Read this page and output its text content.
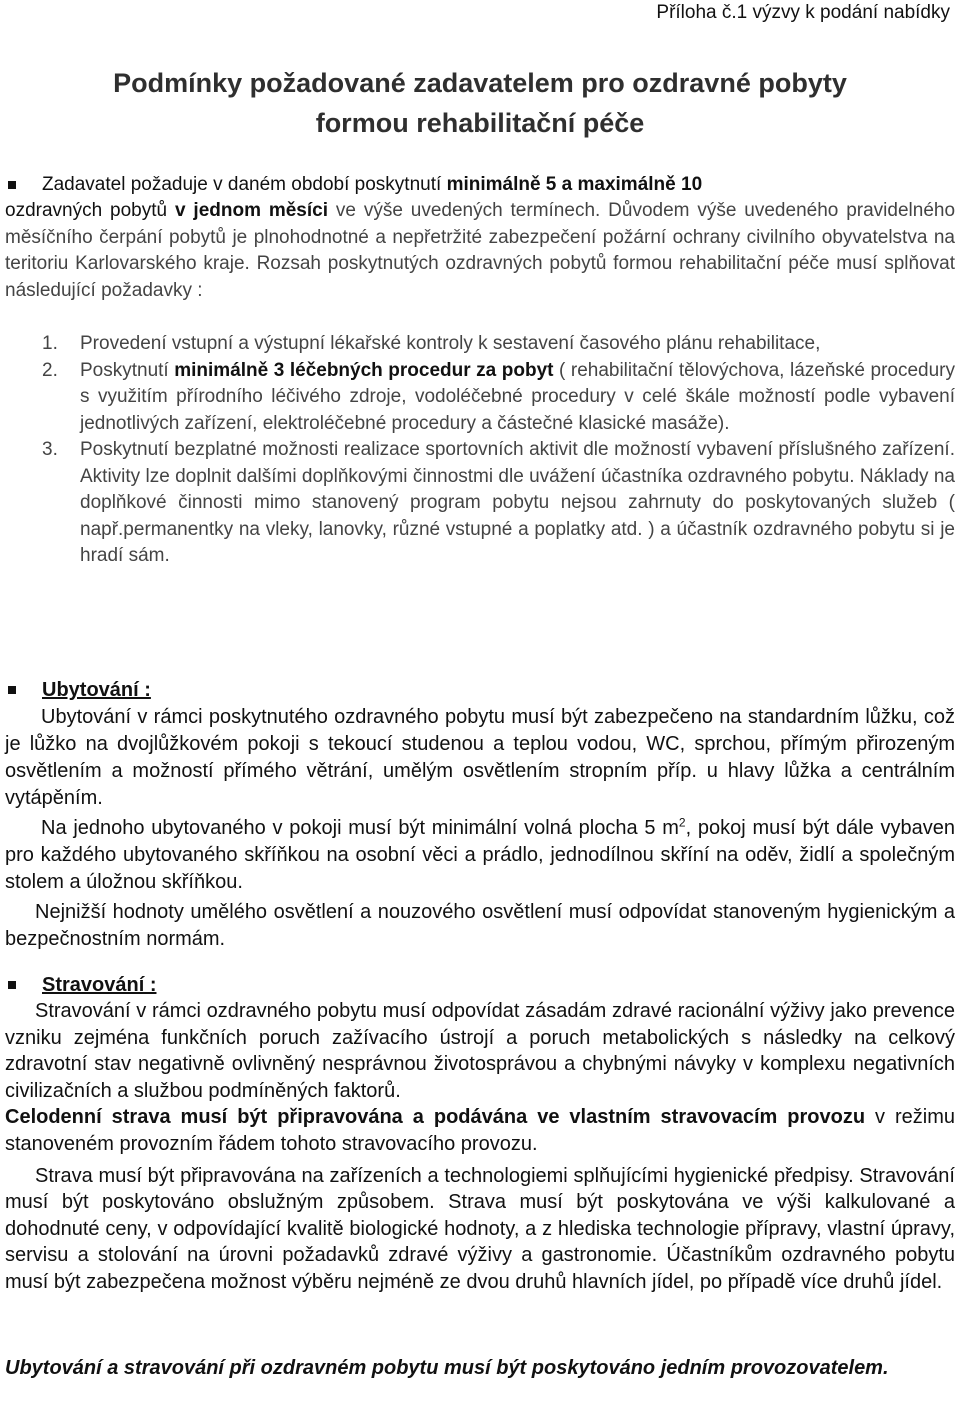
Příloha č.1 výzvy k podání nabídky
Podmínky požadované zadavatelem pro ozdravné pobyty
formou rehabilitační péče
Zadavatel požaduje v daném období poskytnutí minimálně 5 a maximálně 10
ozdravných pobytů v jednom měsíci ve výše uvedených termínech. Důvodem výše uvedeného pravidelného měsíčního čerpání pobytů je plnohodnotné a nepřetržité zabezpečení požární ochrany civilního obyvatelstva na teritoriu Karlovarského kraje. Rozsah poskytnutých ozdravných pobytů formou rehabilitační péče musí splňovat následující požadavky :
1. Provedení vstupní a výstupní lékařské kontroly k sestavení časového plánu rehabilitace,
2. Poskytnutí minimálně 3 léčebných procedur za pobyt ( rehabilitační tělovýchova, lázeňské procedury s využitím přírodního léčivého zdroje, vodoléčebné procedury v celé škále možností podle vybavení jednotlivých zařízení, elektroléčebné procedury a částečné klasické masáže).
3. Poskytnutí bezplatné možnosti realizace sportovních aktivit dle možností vybavení příslušného zařízení. Aktivity lze doplnit dalšími doplňkovými činnostmi dle uvážení účastníka ozdravného pobytu. Náklady na doplňkové činnosti mimo stanovený program pobytu nejsou zahrnuty do poskytovaných služeb ( např.permanentky na vleky, lanovky, různé vstupné a poplatky atd. ) a účastník ozdravného pobytu si je hradí sám.
Ubytování :

Ubytování v rámci poskytnutého ozdravného pobytu musí být zabezpečeno na standardním lůžku, což je lůžko na dvojlůžkovém pokoji s tekoucí studenou a teplou vodou, WC, sprchou, přímým přirozeným osvětlením a možností přímého větrání, umělým osvětlením stropním příp. u hlavy lůžka a centrálním vytápěním.

Na jednoho ubytovaného v pokoji musí být minimální volná plocha 5 $m^2$, pokoj musí být dále vybaven pro každého ubytovaného skříňkou na osobní věci a prádlo, jednodílnou skříní na oděv, židlí a společným stolem a úložnou skříňkou.

Nejnižší hodnoty umělého osvětlení a nouzového osvětlení musí odpovídat stanoveným hygienickým a bezpečnostním normám.

Stravování :

Stravování v rámci ozdravného pobytu musí odpovídat zásadám zdravé racionální výživy jako prevence vzniku zejména funkčních poruch zažívacího ústrojí a poruch metabolických s následky na celkový zdravotní stav negativně ovlivněný nesprávnou životosprávou a chybnými návyky v komplexu negativních civilizačních a službou podmíněných faktorů.

Celodenní strava musí být připravována a podávána ve vlastním stravovacím provozu v režimu stanoveném provozním řádem tohoto stravovacího provozu.

Strava musí být připravována na zařízeních a technologiemi splňujícími hygienické předpisy. Stravování musí být poskytováno obslužným způsobem. Strava musí být poskytována ve výši kalkulované a dohodnuté ceny, v odpovídající kvalitě biologické hodnoty, a z hlediska technologie přípravy, vlastní úpravy, servisu a stolování na úrovni požadavků zdravé výživy a gastronomie. Účastníkům ozdravného pobytu musí být zabezpečena možnost výběru nejméně ze dvou druhů hlavních jídel, po případě více druhů jídel.

Ubytování a stravování při ozdravném pobytu musí být poskytováno jedním provozovatelem.
